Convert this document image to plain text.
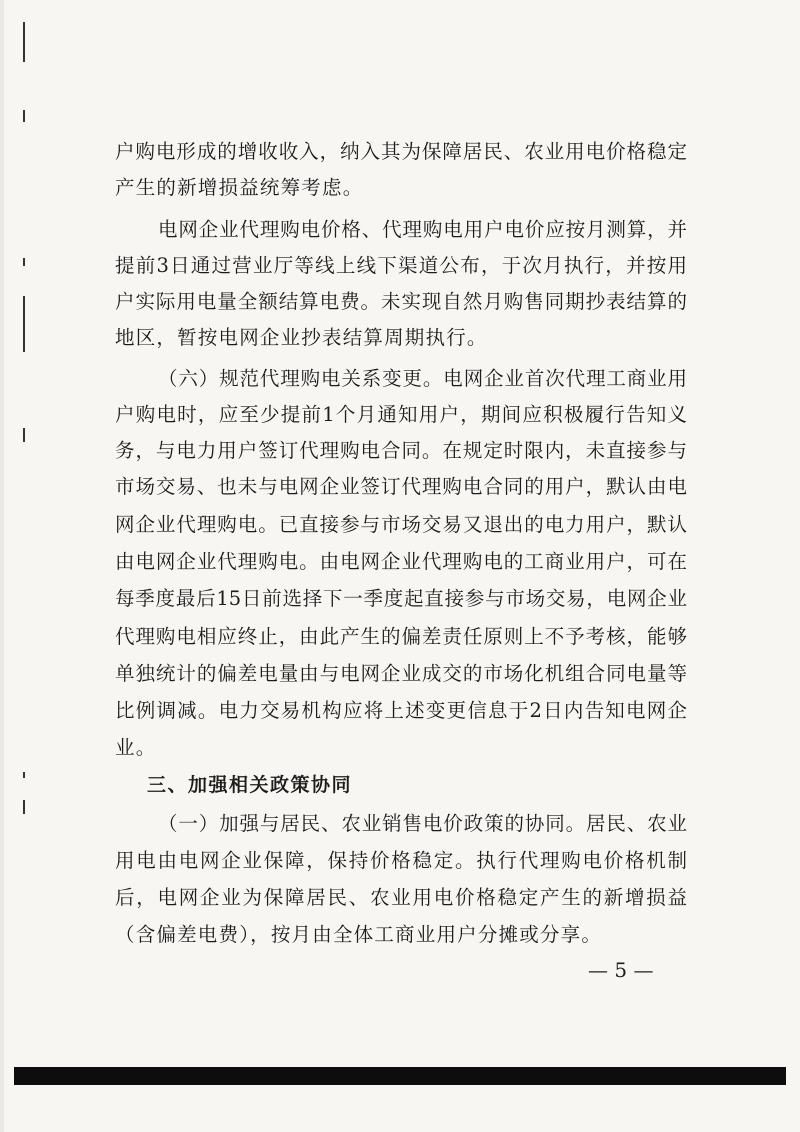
户购电形成的增收收入，纳入其为保障居民、农业用电价格稳定

产生的新增损益统筹考虑。

电网企业代理购电价格、代理购电用户电价应按月测算，并

提前3日通过营业厅等线上线下渠道公布，于次月执行，并按用

户实际用电量全额结算电费。未实现自然月购售同期抄表结算的

地区，暂按电网企业抄表结算周期执行。

（六）规范代理购电关系变更。电网企业首次代理工商业用

户购电时，应至少提前1个月通知用户，期间应积极履行告知义

务，与电力用户签订代理购电合同。在规定时限内，未直接参与

市场交易、也未与电网企业签订代理购电合同的用户，默认由电

网企业代理购电。已直接参与市场交易又退出的电力用户，默认

由电网企业代理购电。由电网企业代理购电的工商业用户，可在

每季度最后15日前选择下一季度起直接参与市场交易，电网企业

代理购电相应终止，由此产生的偏差责任原则上不予考核，能够

单独统计的偏差电量由与电网企业成交的市场化机组合同电量等

比例调减。电力交易机构应将上述变更信息于2日内告知电网企

业。

三、加强相关政策协同

（一）加强与居民、农业销售电价政策的协同。居民、农业

用电由电网企业保障，保持价格稳定。执行代理购电价格机制

后，电网企业为保障居民、农业用电价格稳定产生的新增损益

（含偏差电费），按月由全体工商业用户分摊或分享。

— 5 —
